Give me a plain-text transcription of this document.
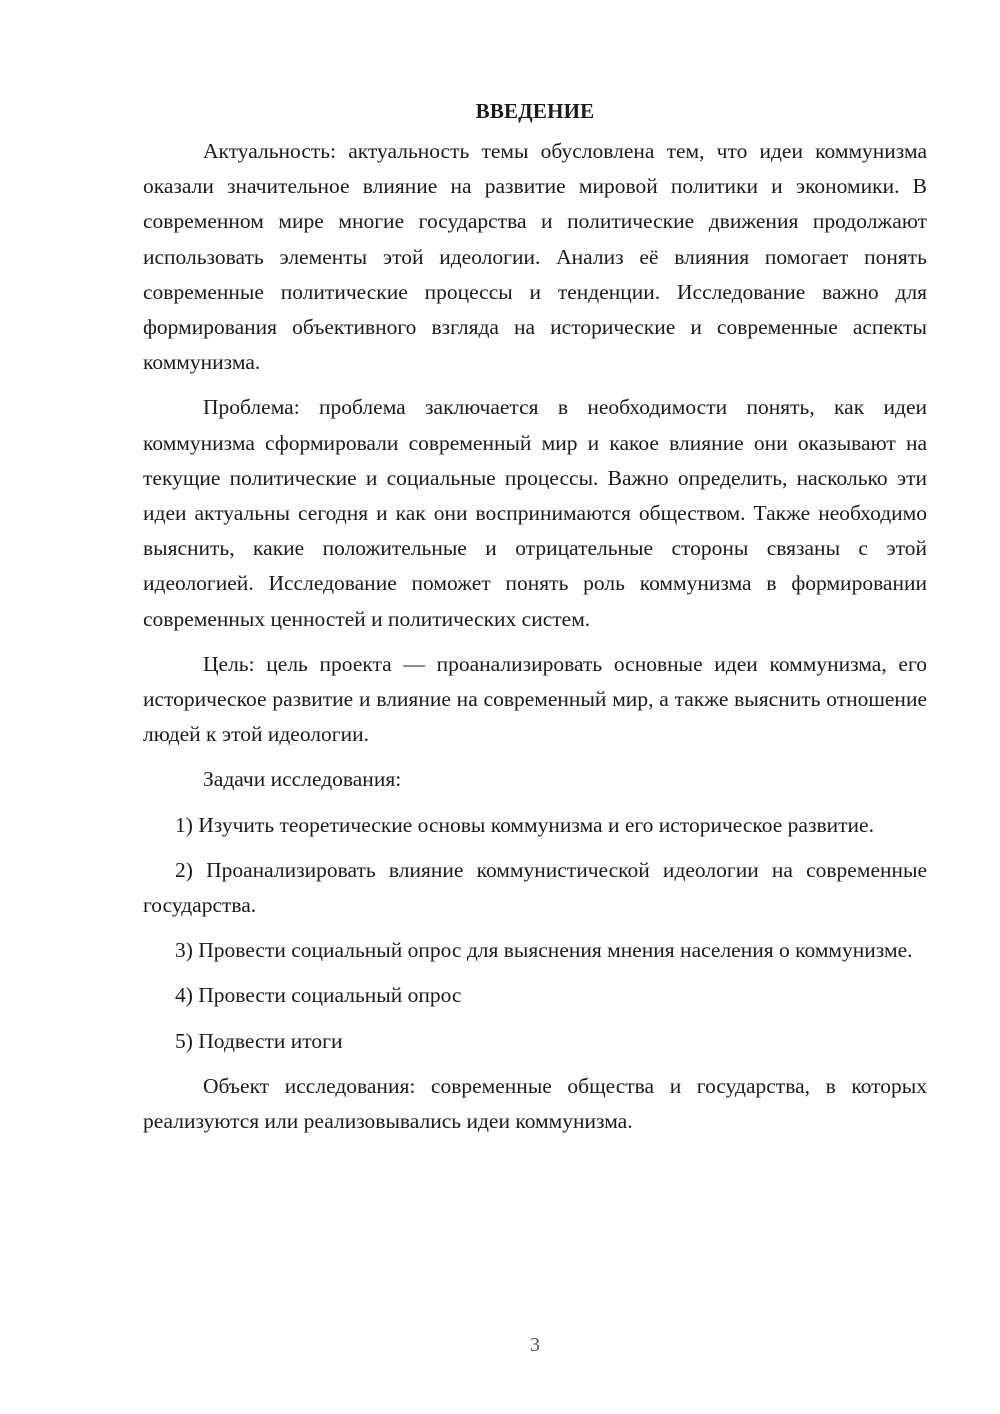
ВВЕДЕНИЕ

Актуальность: актуальность темы обусловлена тем, что идеи коммунизма оказали значительное влияние на развитие мировой политики и экономики. В современном мире многие государства и политические движения продолжают использовать элементы этой идеологии. Анализ её влияния помогает понять современные политические процессы и тенденции. Исследование важно для формирования объективного взгляда на исторические и современные аспекты коммунизма.

Проблема: проблема заключается в необходимости понять, как идеи коммунизма сформировали современный мир и какое влияние они оказывают на текущие политические и социальные процессы. Важно определить, насколько эти идеи актуальны сегодня и как они воспринимаются обществом. Также необходимо выяснить, какие положительные и отрицательные стороны связаны с этой идеологией. Исследование поможет понять роль коммунизма в формировании современных ценностей и политических систем.

Цель: цель проекта — проанализировать основные идеи коммунизма, его историческое развитие и влияние на современный мир, а также выяснить отношение людей к этой идеологии.

Задачи исследования:

1) Изучить теоретические основы коммунизма и его историческое развитие.

2) Проанализировать влияние коммунистической идеологии на современные государства.

3) Провести социальный опрос для выяснения мнения населения о коммунизме.

4) Провести социальный опрос

5) Подвести итоги

Объект исследования: современные общества и государства, в которых реализуются или реализовывались идеи коммунизма.

3
